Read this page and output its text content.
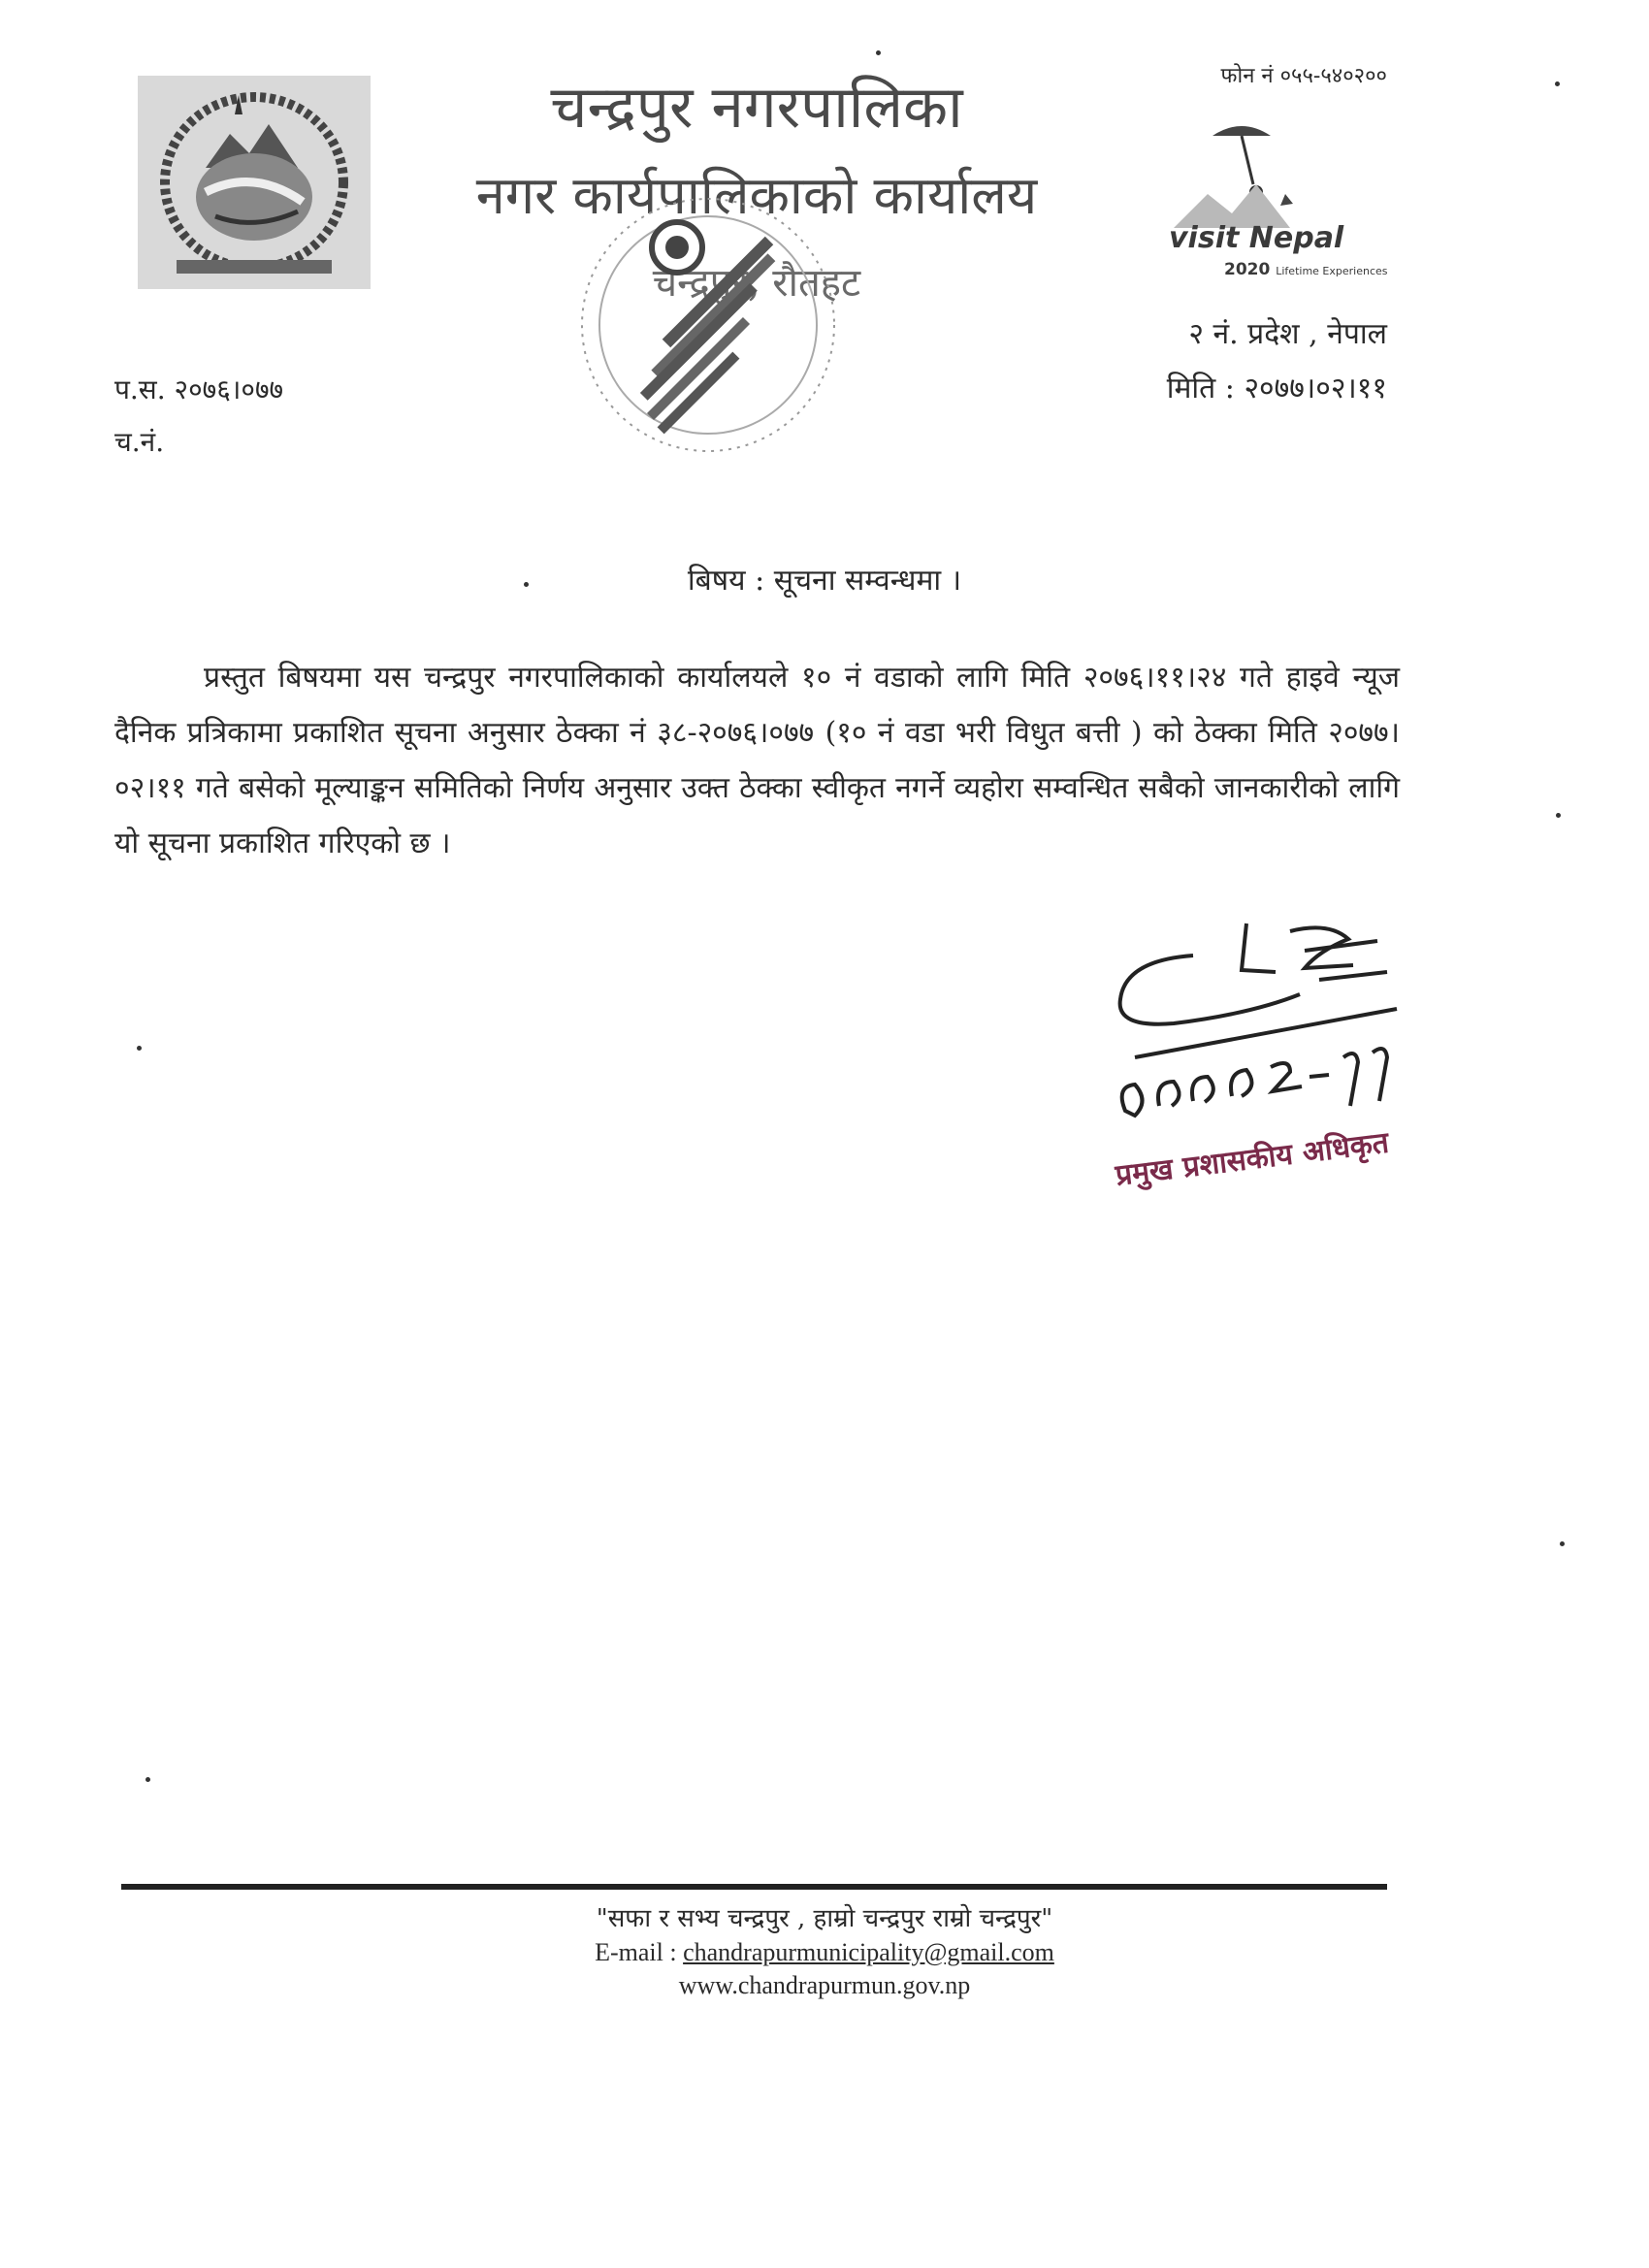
चन्द्रपुर नगरपालिका
नगर कार्यपालिकाको कार्यालय
चन्द्रपुर, रौतहट
फोन नं ०५५-५४०२००
visit Nepal
2020 Lifetime Experiences
२ नं. प्रदेश , नेपाल
मिति : २०७७।०२।११
प.स. २०७६।०७७
च.नं.
बिषय : सूचना सम्वन्धमा ।
प्रस्तुत बिषयमा यस चन्द्रपुर नगरपालिकाको कार्यालयले १० नं वडाको लागि मिति २०७६।११।२४ गते हाइवे न्यूज दैनिक प्रत्रिकामा प्रकाशित सूचना अनुसार ठेक्का नं ३८-२०७६।०७७ (१० नं वडा भरी विधुत बत्ती ) को ठेक्का मिति २०७७।०२।११ गते बसेको मूल्याङ्कन समितिको निर्णय अनुसार उक्त ठेक्का स्वीकृत नगर्ने व्यहोरा सम्वन्धित सबैको जानकारीको लागि यो सूचना प्रकाशित गरिएको छ ।
प्रमुख प्रशासकीय अधिकृत
"सफा र सभ्य चन्द्रपुर , हाम्रो चन्द्रपुर राम्रो चन्द्रपुर"
E-mail : chandrapurmunicipality@gmail.com
www.chandrapurmun.gov.np
